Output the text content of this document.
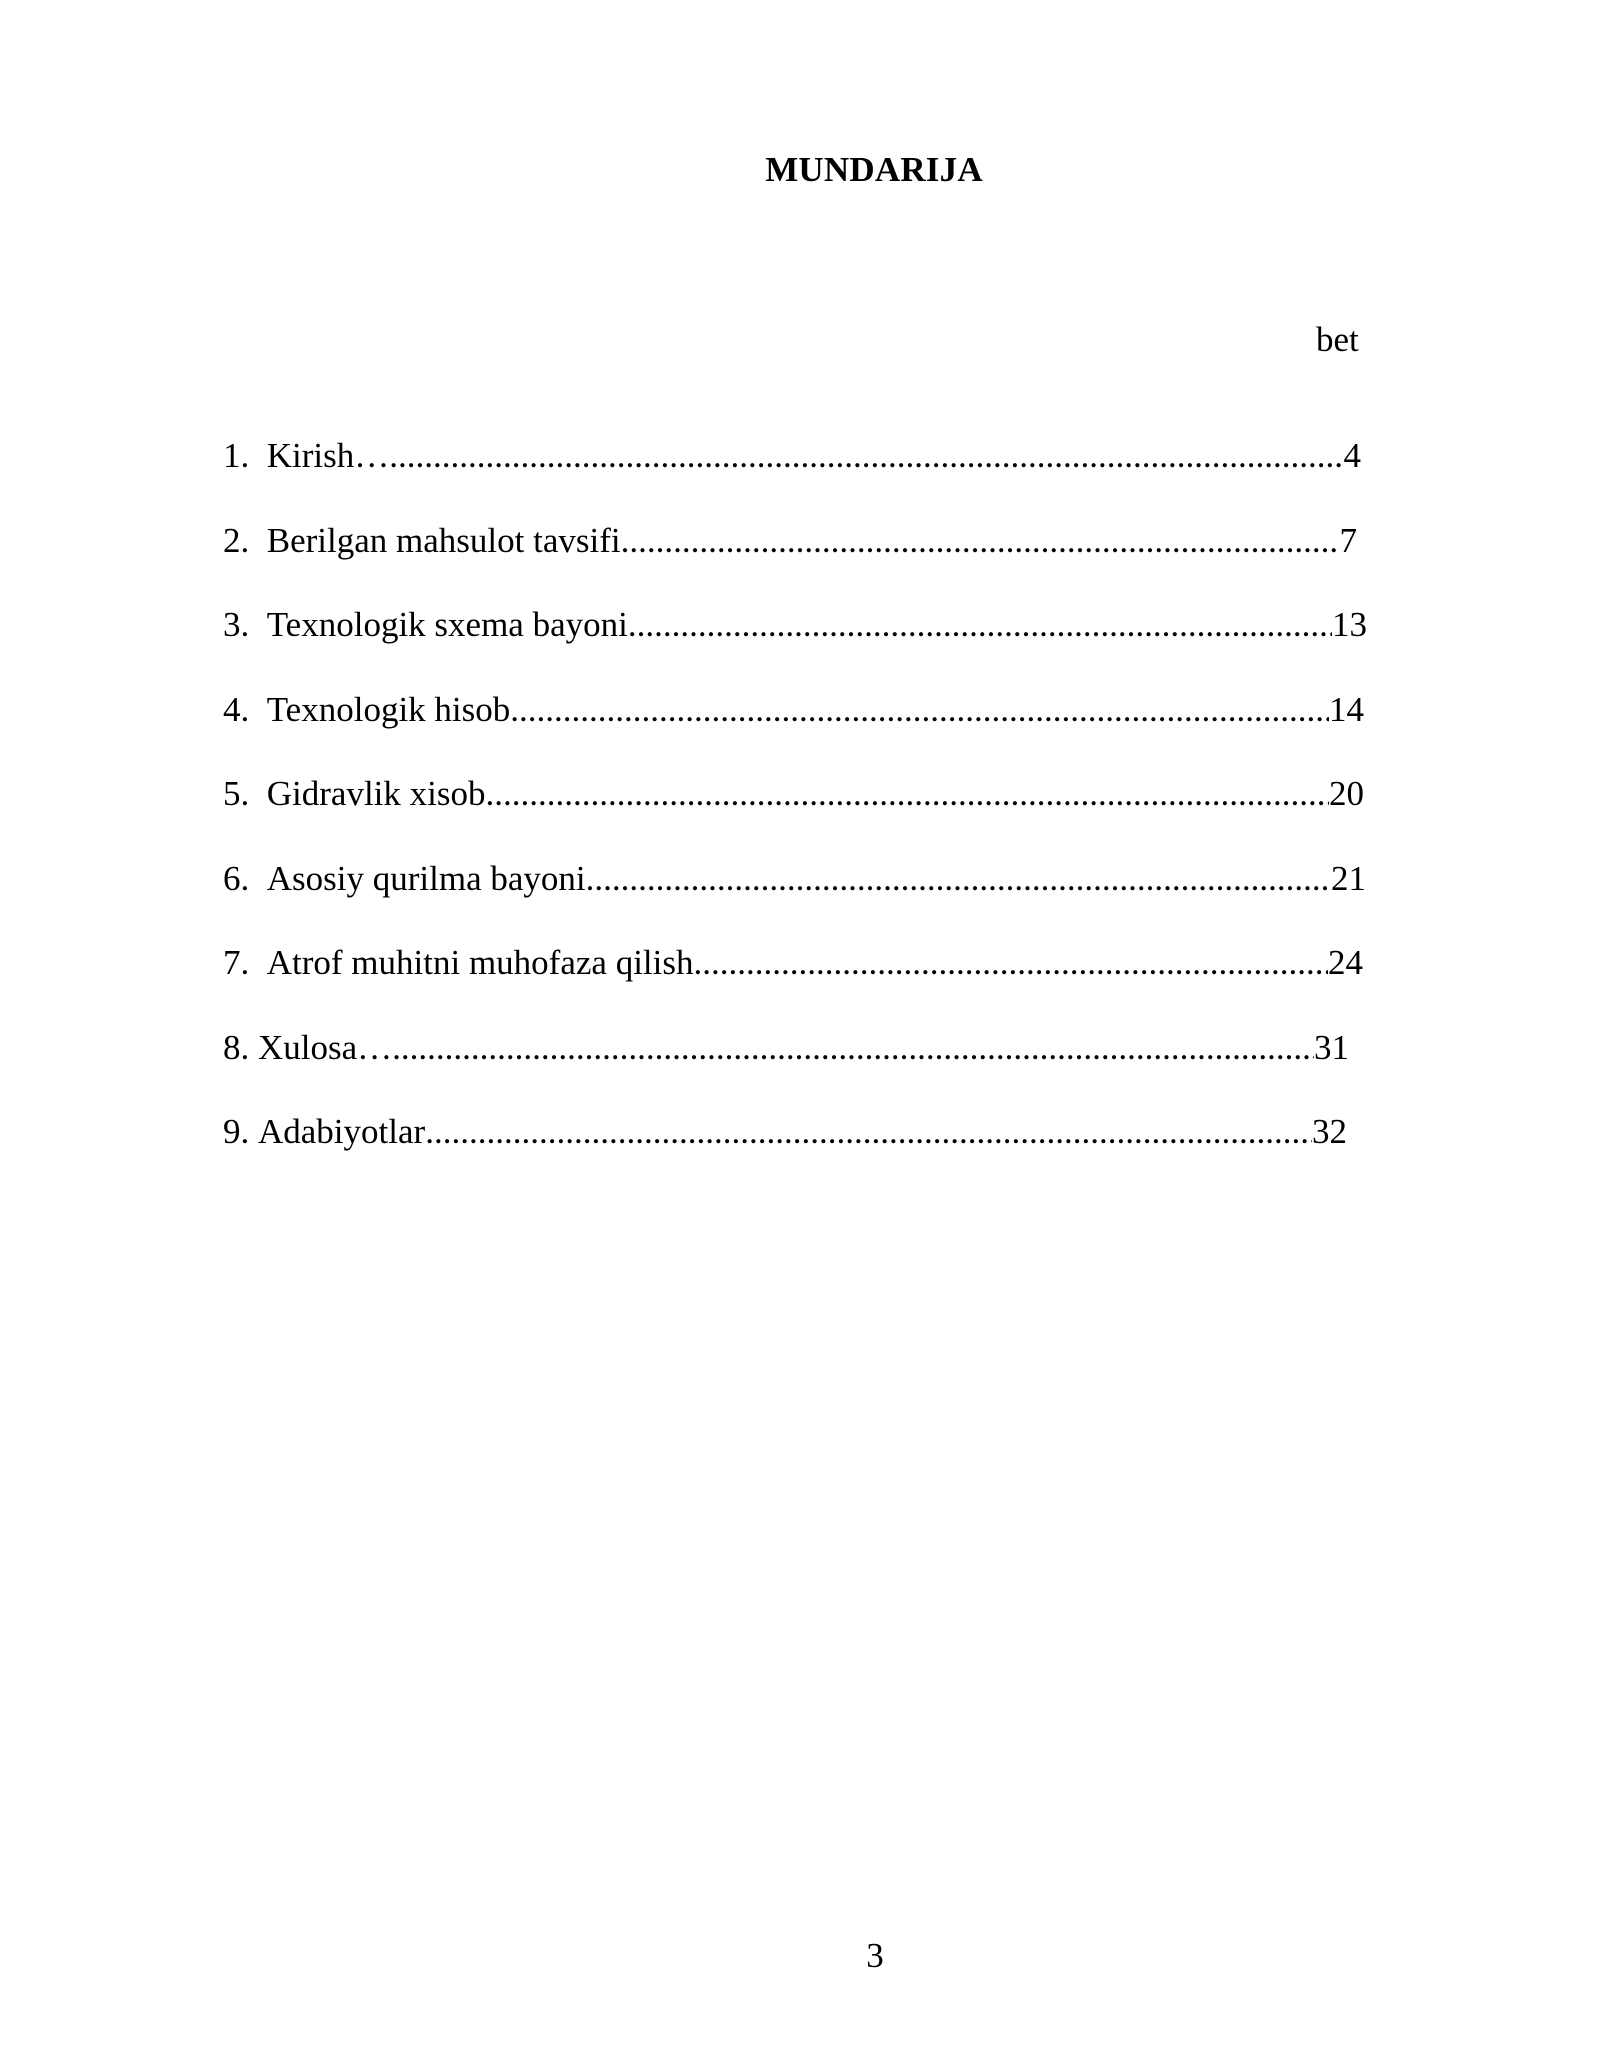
MUNDARIJA
bet
1. Kirish… .....	4
2. Berilgan mahsulot tavsifi .....	7
3. Texnologik sxema bayoni .....	13
4. Texnologik hisob .....	14
5. Gidravlik xisob .....	20
6. Asosiy qurilma bayoni .....	21
7. Atrof muhitni muhofaza qilish .....	24
8. Xulosa… .....	31
9. Adabiyotlar .....	32
3
